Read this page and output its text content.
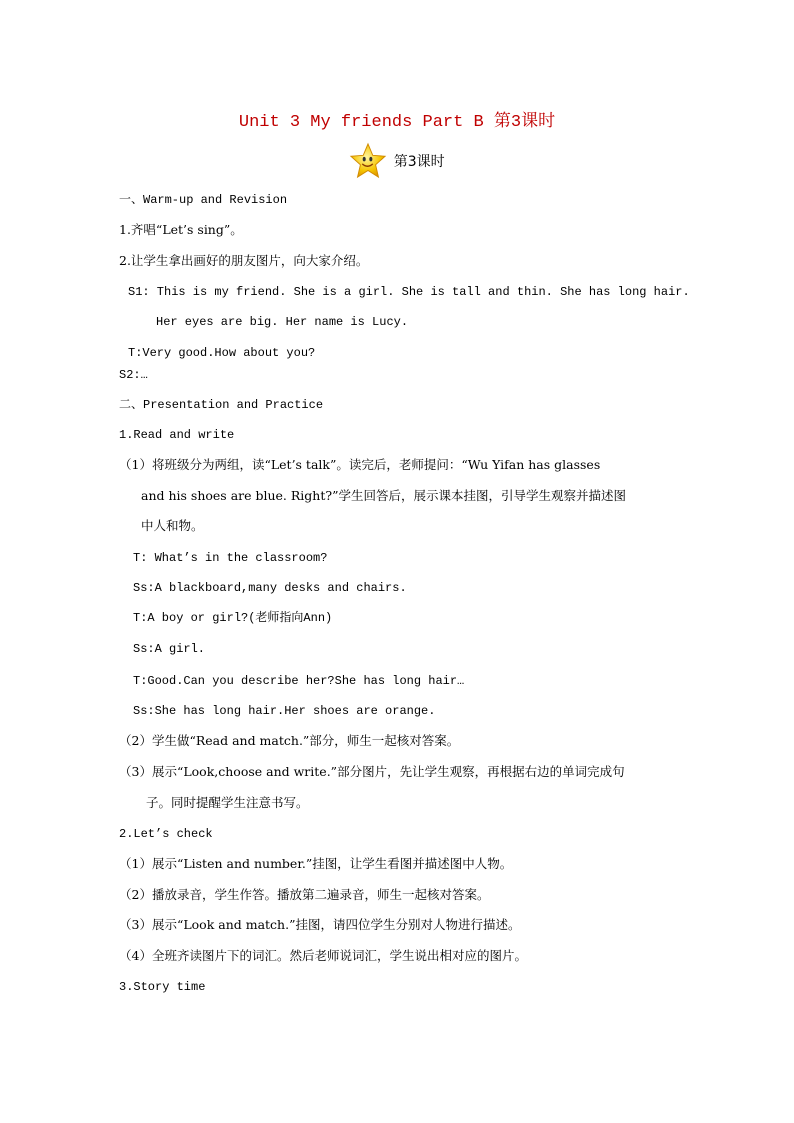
Unit 3 My friends Part B 第3课时
第3课时
一、Warm-up and Revision
1.齐唱“Let’s sing”。
2.让学生拿出画好的朋友图片，向大家介绍。
S1: This is my friend. She is a girl. She is tall and thin. She has long hair.
Her eyes are big. Her name is Lucy.
T:Very good.How about you?
S2:…
二、Presentation and Practice
1.Read and write
（1）将班级分为两组，读“Let’s talk”。读完后，老师提问：“Wu Yifan has glasses
and his shoes are blue. Right?”学生回答后，展示课本挂图，引导学生观察并描述图
中人和物。
T: What’s in the classroom?
Ss:A blackboard,many desks and chairs.
T:A boy or girl?(老师指向Ann)
Ss:A girl.
T:Good.Can you describe her?She has long hair…
Ss:She has long hair.Her shoes are orange.
（2）学生做“Read and match.”部分，师生一起核对答案。
（3）展示“Look,choose and write.”部分图片，先让学生观察，再根据右边的单词完成句
子。同时提醒学生注意书写。
2.Let’s check
（1）展示“Listen and number.”挂图，让学生看图并描述图中人物。
（2）播放录音，学生作答。播放第二遍录音，师生一起核对答案。
（3）展示“Look and match.”挂图，请四位学生分别对人物进行描述。
（4）全班齐读图片下的词汇。然后老师说词汇，学生说出相对应的图片。
3.Story time
